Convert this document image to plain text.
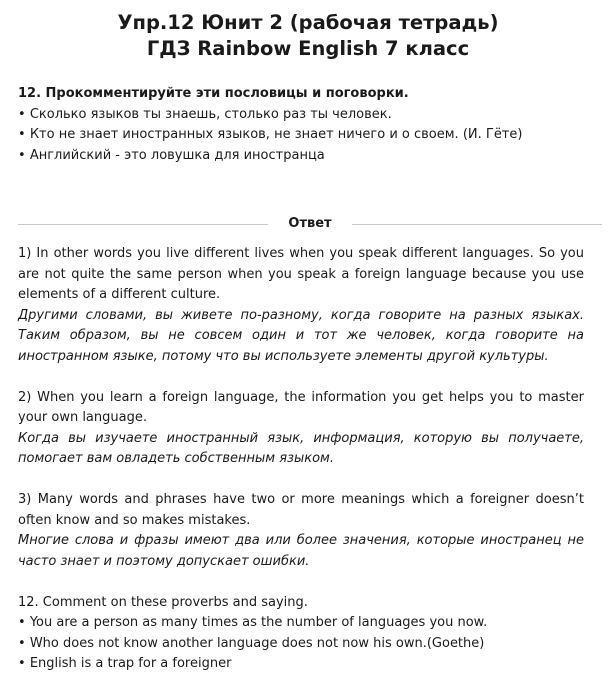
Упр.12 Юнит 2 (рабочая тетрадь)
ГДЗ Rainbow English 7 класс
12. Прокомментируйте эти пословицы и поговорки.
• Сколько языков ты знаешь, столько раз ты человек.
• Кто не знает иностранных языков, не знает ничего и о своем. (И. Гёте)
• Английский - это ловушка для иностранца
Ответ

1) In other words you live different lives when you speak different languages. So you are not quite the same person when you speak a foreign language because you use elements of a different culture.

Другими словами, вы живете по-разному, когда говорите на разных языках. Таким образом, вы не совсем один и тот же человек, когда говорите на иностранном языке, потому что вы используете элементы другой культуры.

2) When you learn a foreign language, the information you get helps you to master your own language.

Когда вы изучаете иностранный язык, информация, которую вы получаете, помогает вам овладеть собственным языком.

3) Many words and phrases have two or more meanings which a foreigner doesn’t often know and so makes mistakes.

Многие слова и фразы имеют два или более значения, которые иностранец не часто знает и поэтому допускает ошибки.

12. Comment on these proverbs and saying.

• You are a person as many times as the number of languages you now.

• Who does not know another language does not now his own.(Goethe)

• English is a trap for a foreigner
